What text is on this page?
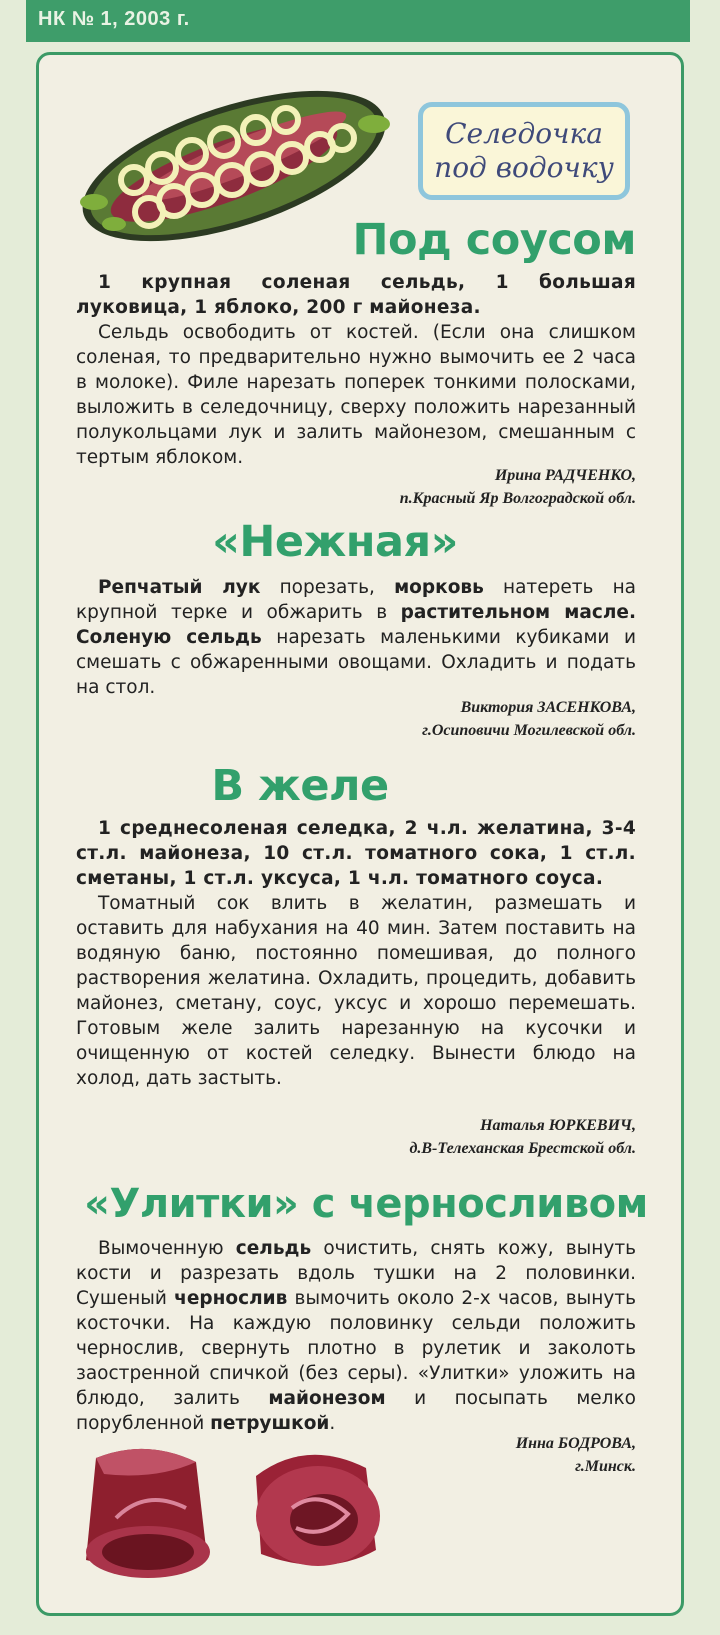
НК № 1, 2003 г.
Селедочка
под водочку
Под соусом

1 крупная соленая сельдь, 1 большая луковица, 1 яблоко, 200 г майонеза.

Сельдь освободить от костей. (Если она слишком соленая, то предварительно нужно вымочить ее 2 часа в молоке). Филе нарезать поперек тонкими полосками, выложить в селедочницу, сверху положить нарезанный полукольцами лук и залить майонезом, смешанным с тертым яблоком.

Ирина РАДЧЕНКО,
п.Красный Яр Волгоградской обл.
«Нежная»

Репчатый лук порезать, морковь натереть на крупной терке и обжарить в растительном масле. Соленую сельдь нарезать маленькими кубиками и смешать с обжаренными овощами. Охладить и подать на стол.

Виктория ЗАСЕНКОВА,
г.Осиповичи Могилевской обл.
В желе

1 среднесоленая селедка, 2 ч.л. желатина, 3-4 ст.л. майонеза, 10 ст.л. томатного сока, 1 ст.л. сметаны, 1 ст.л. уксуса, 1 ч.л. томатного соуса.

Томатный сок влить в желатин, размешать и оставить для набухания на 40 мин. Затем поставить на водяную баню, постоянно помешивая, до полного растворения желатина. Охладить, процедить, добавить майонез, сметану, соус, уксус и хорошо перемешать. Готовым желе залить нарезанную на кусочки и очищенную от костей селедку. Вынести блюдо на холод, дать застыть.

Наталья ЮРКЕВИЧ,
д.В-Телеханская Брестской обл.
«Улитки» с черносливом

Вымоченную сельдь очистить, снять кожу, вынуть кости и разрезать вдоль тушки на 2 половинки. Сушеный чернослив вымочить около 2-х часов, вынуть косточки. На каждую половинку сельди положить чернослив, свернуть плотно в рулетик и заколоть заостренной спичкой (без серы). «Улитки» уложить на блюдо, залить майонезом и посыпать мелко порубленной петрушкой.

Инна БОДРОВА,
г.Минск.
